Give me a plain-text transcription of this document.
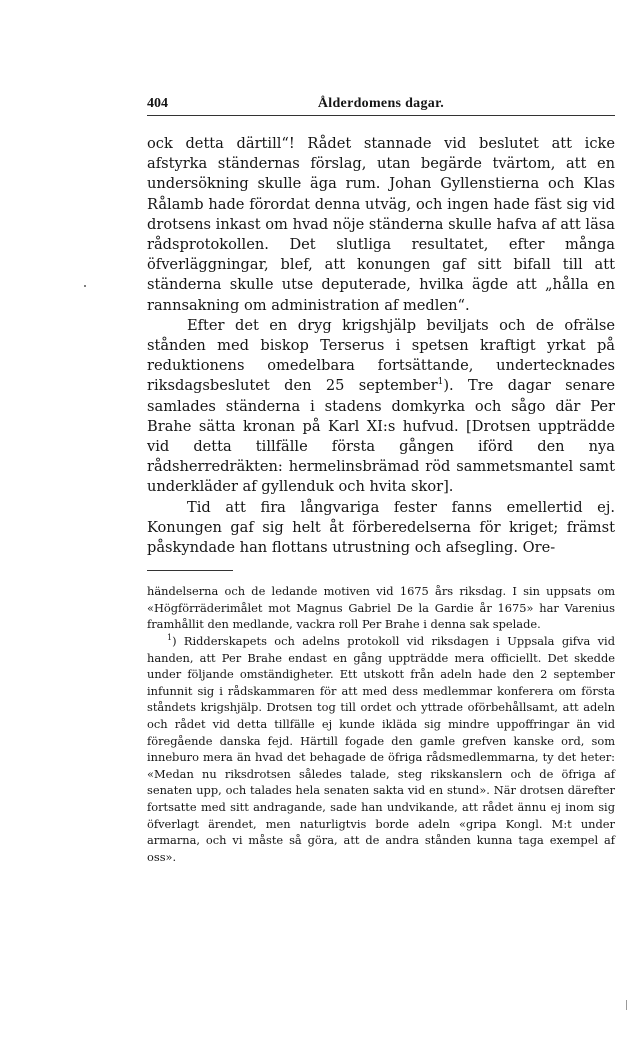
404	Ålderdomens dagar.

ock detta därtill“! Rådet stannade vid beslutet att icke afstyrka ständernas förslag, utan begärde tvärtom, att en undersökning skulle äga rum. Johan Gyllenstierna och Klas Rålamb hade förordat denna utväg, och ingen hade fäst sig vid drotsens inkast om hvad nöje ständerna skulle hafva af att läsa rådsprotokollen. Det slutliga resultatet, efter många öfverläggningar, blef, att konungen gaf sitt bifall till att ständerna skulle utse deputerade, hvilka ägde att „hålla en rannsakning om administration af medlen“.

Efter det en dryg krigshjälp beviljats och de ofrälse stånden med biskop Terserus i spetsen kraftigt yrkat på reduktionens omedelbara fortsättande, undertecknades riksdagsbeslutet den 25 september$^1$). Tre dagar senare samlades ständerna i stadens domkyrka och sågo där Per Brahe sätta kronan på Karl XI:s hufvud. [Drotsen uppträdde vid detta tillfälle första gången iförd den nya rådsherredräkten: hermelinsbrämad röd sammetsmantel samt underkläder af gyllenduk och hvita skor].

Tid att fira långvariga fester fanns emellertid ej. Konungen gaf sig helt åt förberedelserna för kriget; främst påskyndade han flottans utrustning och afsegling. Ore-

händelserna och de ledande motiven vid 1675 års riksdag. I sin uppsats om «Högförräderimålet mot Magnus Gabriel De la Gardie år 1675» har Varenius framhållit den medlande, vackra roll Per Brahe i denna sak spelade.

$^1$) Ridderskapets och adelns protokoll vid riksdagen i Uppsala gifva vid handen, att Per Brahe endast en gång uppträdde mera officiellt. Det skedde under följande omständigheter. Ett utskott från adeln hade den 2 september infunnit sig i rådskammaren för att med dess medlemmar konferera om första ståndets krigshjälp. Drotsen tog till ordet och yttrade oförbehållsamt, att adeln och rådet vid detta tillfälle ej kunde ikläda sig mindre uppoffringar än vid föregående danska fejd. Härtill fogade den gamle grefven kanske ord, som inneburo mera än hvad det behagade de öfriga rådsmedlemmarna, ty det heter: «Medan nu riksdrotsen således talade, steg rikskanslern och de öfriga af senaten upp, och talades hela senaten sakta vid en stund». När drotsen därefter fortsatte med sitt andragande, sade han undvikande, att rådet ännu ej inom sig öfverlagt ärendet, men naturligtvis borde adeln «gripa Kongl. M:t under armarna, och vi måste så göra, att de andra stånden kunna taga exempel af oss».
